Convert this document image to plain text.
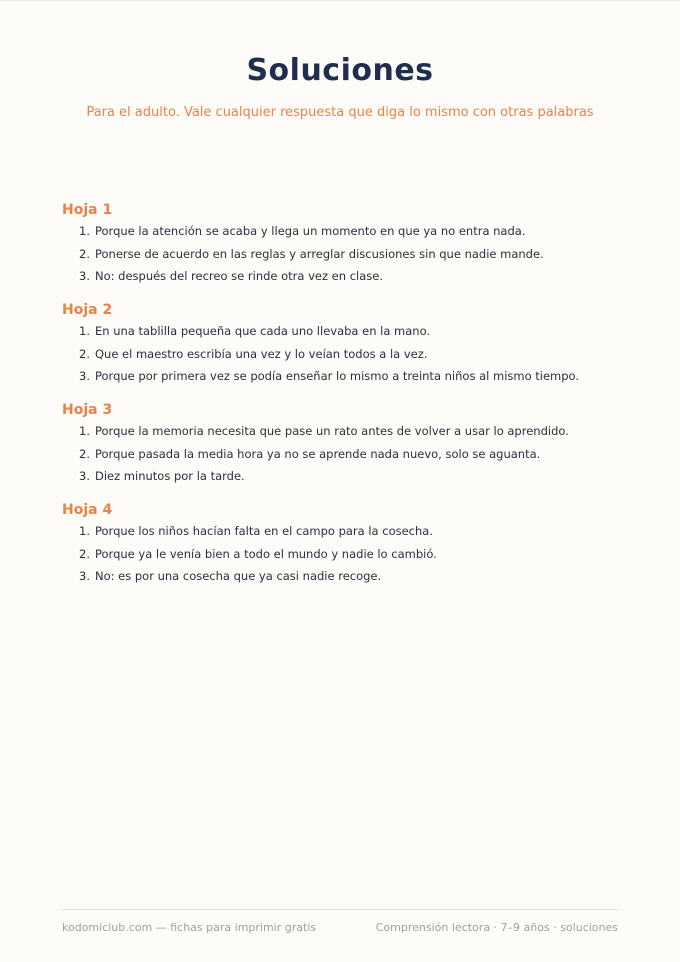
Soluciones

Para el adulto. Vale cualquier respuesta que diga lo mismo con otras palabras

Hoja 1
1. Porque la atención se acaba y llega un momento en que ya no entra nada.
2. Ponerse de acuerdo en las reglas y arreglar discusiones sin que nadie mande.
3. No: después del recreo se rinde otra vez en clase.
Hoja 2
1. En una tablilla pequeña que cada uno llevaba en la mano.
2. Que el maestro escribía una vez y lo veían todos a la vez.
3. Porque por primera vez se podía enseñar lo mismo a treinta niños al mismo tiempo.
Hoja 3
1. Porque la memoria necesita que pase un rato antes de volver a usar lo aprendido.
2. Porque pasada la media hora ya no se aprende nada nuevo, solo se aguanta.
3. Diez minutos por la tarde.
Hoja 4
1. Porque los niños hacían falta en el campo para la cosecha.
2. Porque ya le venía bien a todo el mundo y nadie lo cambió.
3. No: es por una cosecha que ya casi nadie recoge.
kodomiclub.com — fichas para imprimir gratis	Comprensión lectora · 7–9 años · soluciones
